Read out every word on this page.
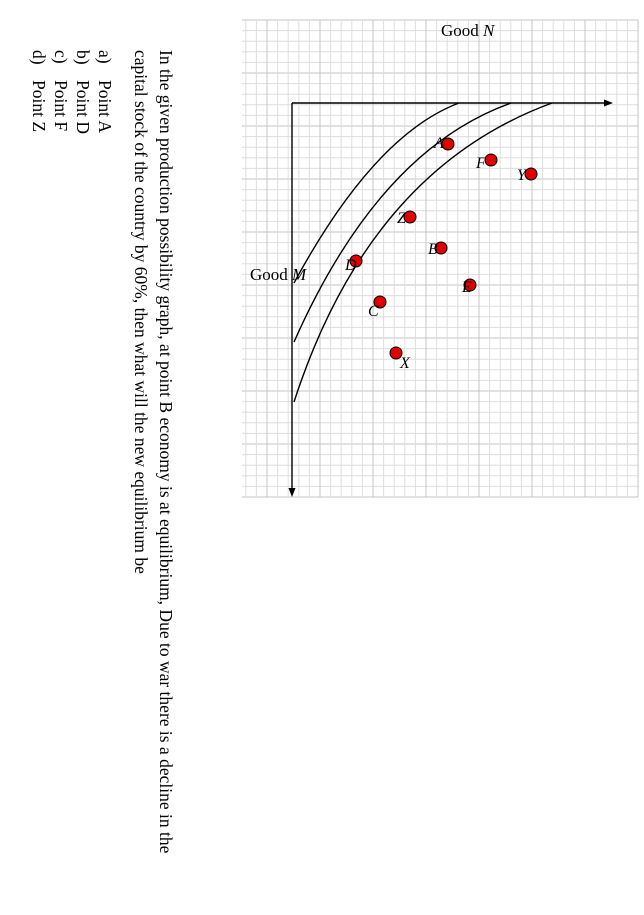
Good N
Good M
A
F
Y
Z
B
D
E
C
X

In the given production possibility graph, at point B economy is at equilibrium, Due to war there is a decline in the capital stock of the country by 60%, then what will the new equilibrium be

a)Point A
b)Point D
c)Point F
d)Point Z
